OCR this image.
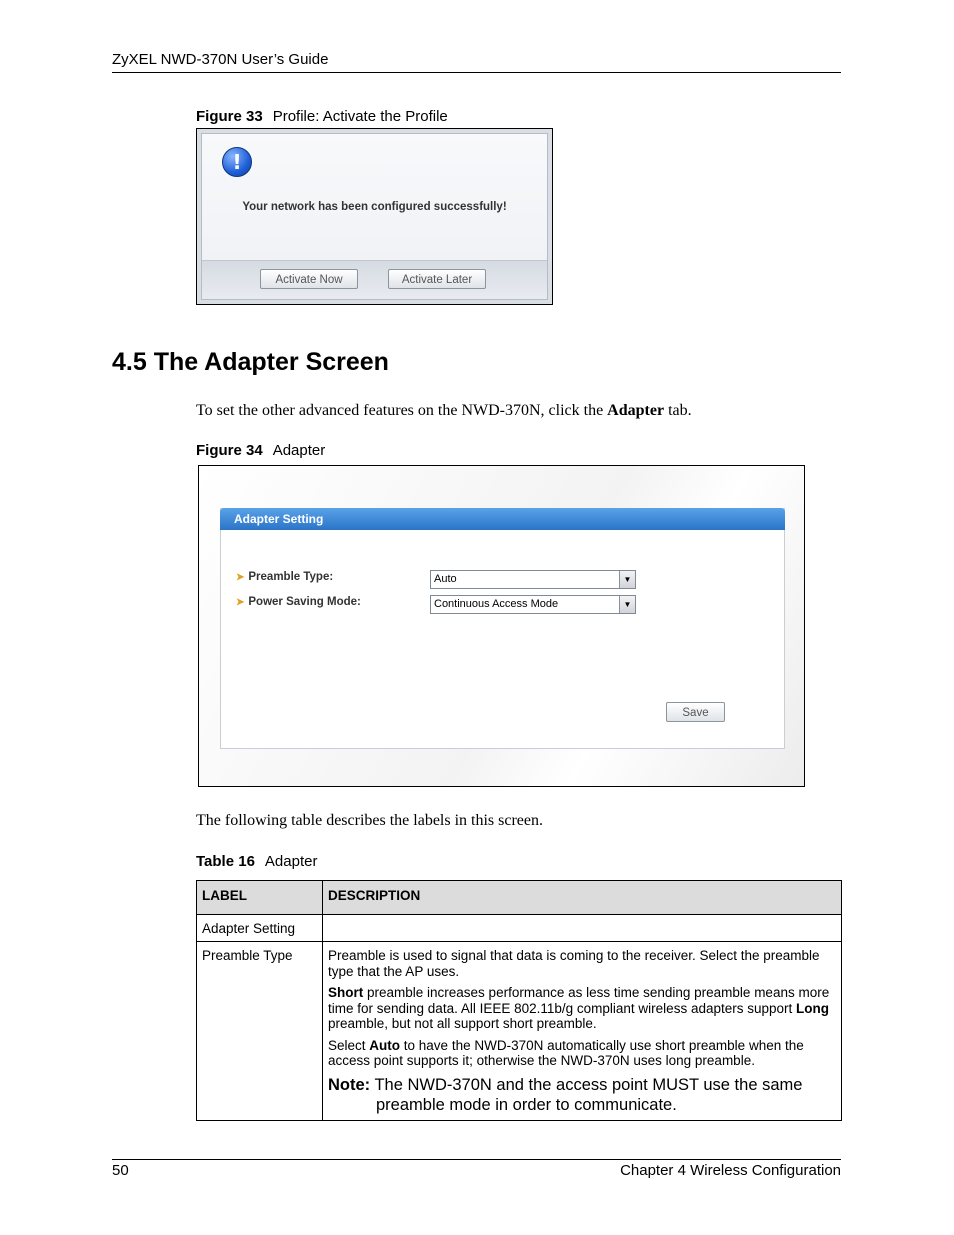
ZyXEL NWD-370N User’s Guide
Figure 33 Profile: Activate the Profile
!
Your network has been configured successfully!
Activate Now	Activate Later
4.5 The Adapter Screen
To set the other advanced features on the NWD-370N, click the Adapter tab.
Figure 34 Adapter
Adapter Setting
➤ Preamble Type:	Auto	▼
➤ Power Saving Mode:	Continuous Access Mode	▼
Save
The following table describes the labels in this screen.
Table 16 Adapter
LABEL	DESCRIPTION
Adapter Setting	
Preamble Type	Preamble is used to signal that data is coming to the receiver. Select the preamble type that the AP uses.

Short preamble increases performance as less time sending preamble means more time for sending data. All IEEE 802.11b/g compliant wireless adapters support Long preamble, but not all support short preamble.

Select Auto to have the NWD-370N automatically use short preamble when the access point supports it; otherwise the NWD-370N uses long preamble.

Note: The NWD-370N and the access point MUST use the same preamble mode in order to communicate.

50	Chapter 4 Wireless Configuration
